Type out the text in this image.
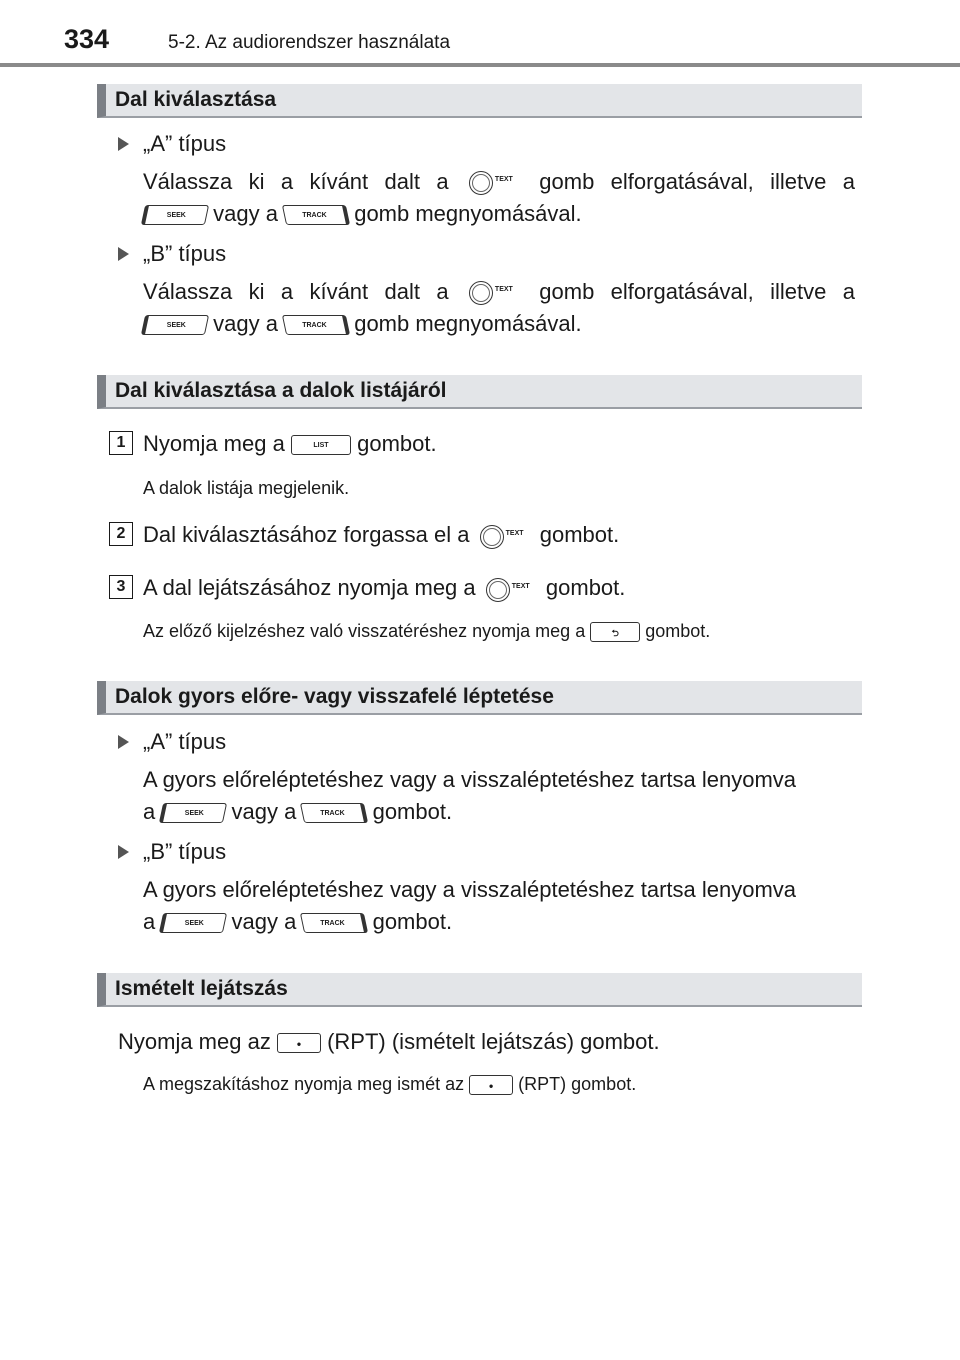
334	5-2. Az audiorendszer használata
Dal kiválasztása
„A” típus
Válassza ki a kívánt dalt a	TEXT gomb elforgatásával, illetve a
SEEK vagy a	TRACK gomb megnyomásával.
„B” típus
Válassza ki a kívánt dalt a	TEXT gomb elforgatásával, illetve a
SEEK vagy a	TRACK gomb megnyomásával.
Dal kiválasztása a dalok listájáról
1 Nyomja meg a	LIST gombot.
A dalok listája megjelenik.
2 Dal kiválasztásához forgassa el a	TEXT gombot.
3 A dal lejátszásához nyomja meg a	TEXT gombot.
Az előző kijelzéshez való visszatéréshez nyomja meg a	⮌ gombot.
Dalok gyors előre- vagy visszafelé léptetése
„A” típus
A gyors előreléptetéshez vagy a visszaléptetéshez tartsa lenyomva
a	SEEK vagy a	TRACK gombot.
„B” típus
A gyors előreléptetéshez vagy a visszaléptetéshez tartsa lenyomva
a	SEEK vagy a	TRACK gombot.
Ismételt lejátszás
Nyomja meg az • (RPT) (ismételt lejátszás) gombot.
A megszakításhoz nyomja meg ismét az • (RPT) gombot.
